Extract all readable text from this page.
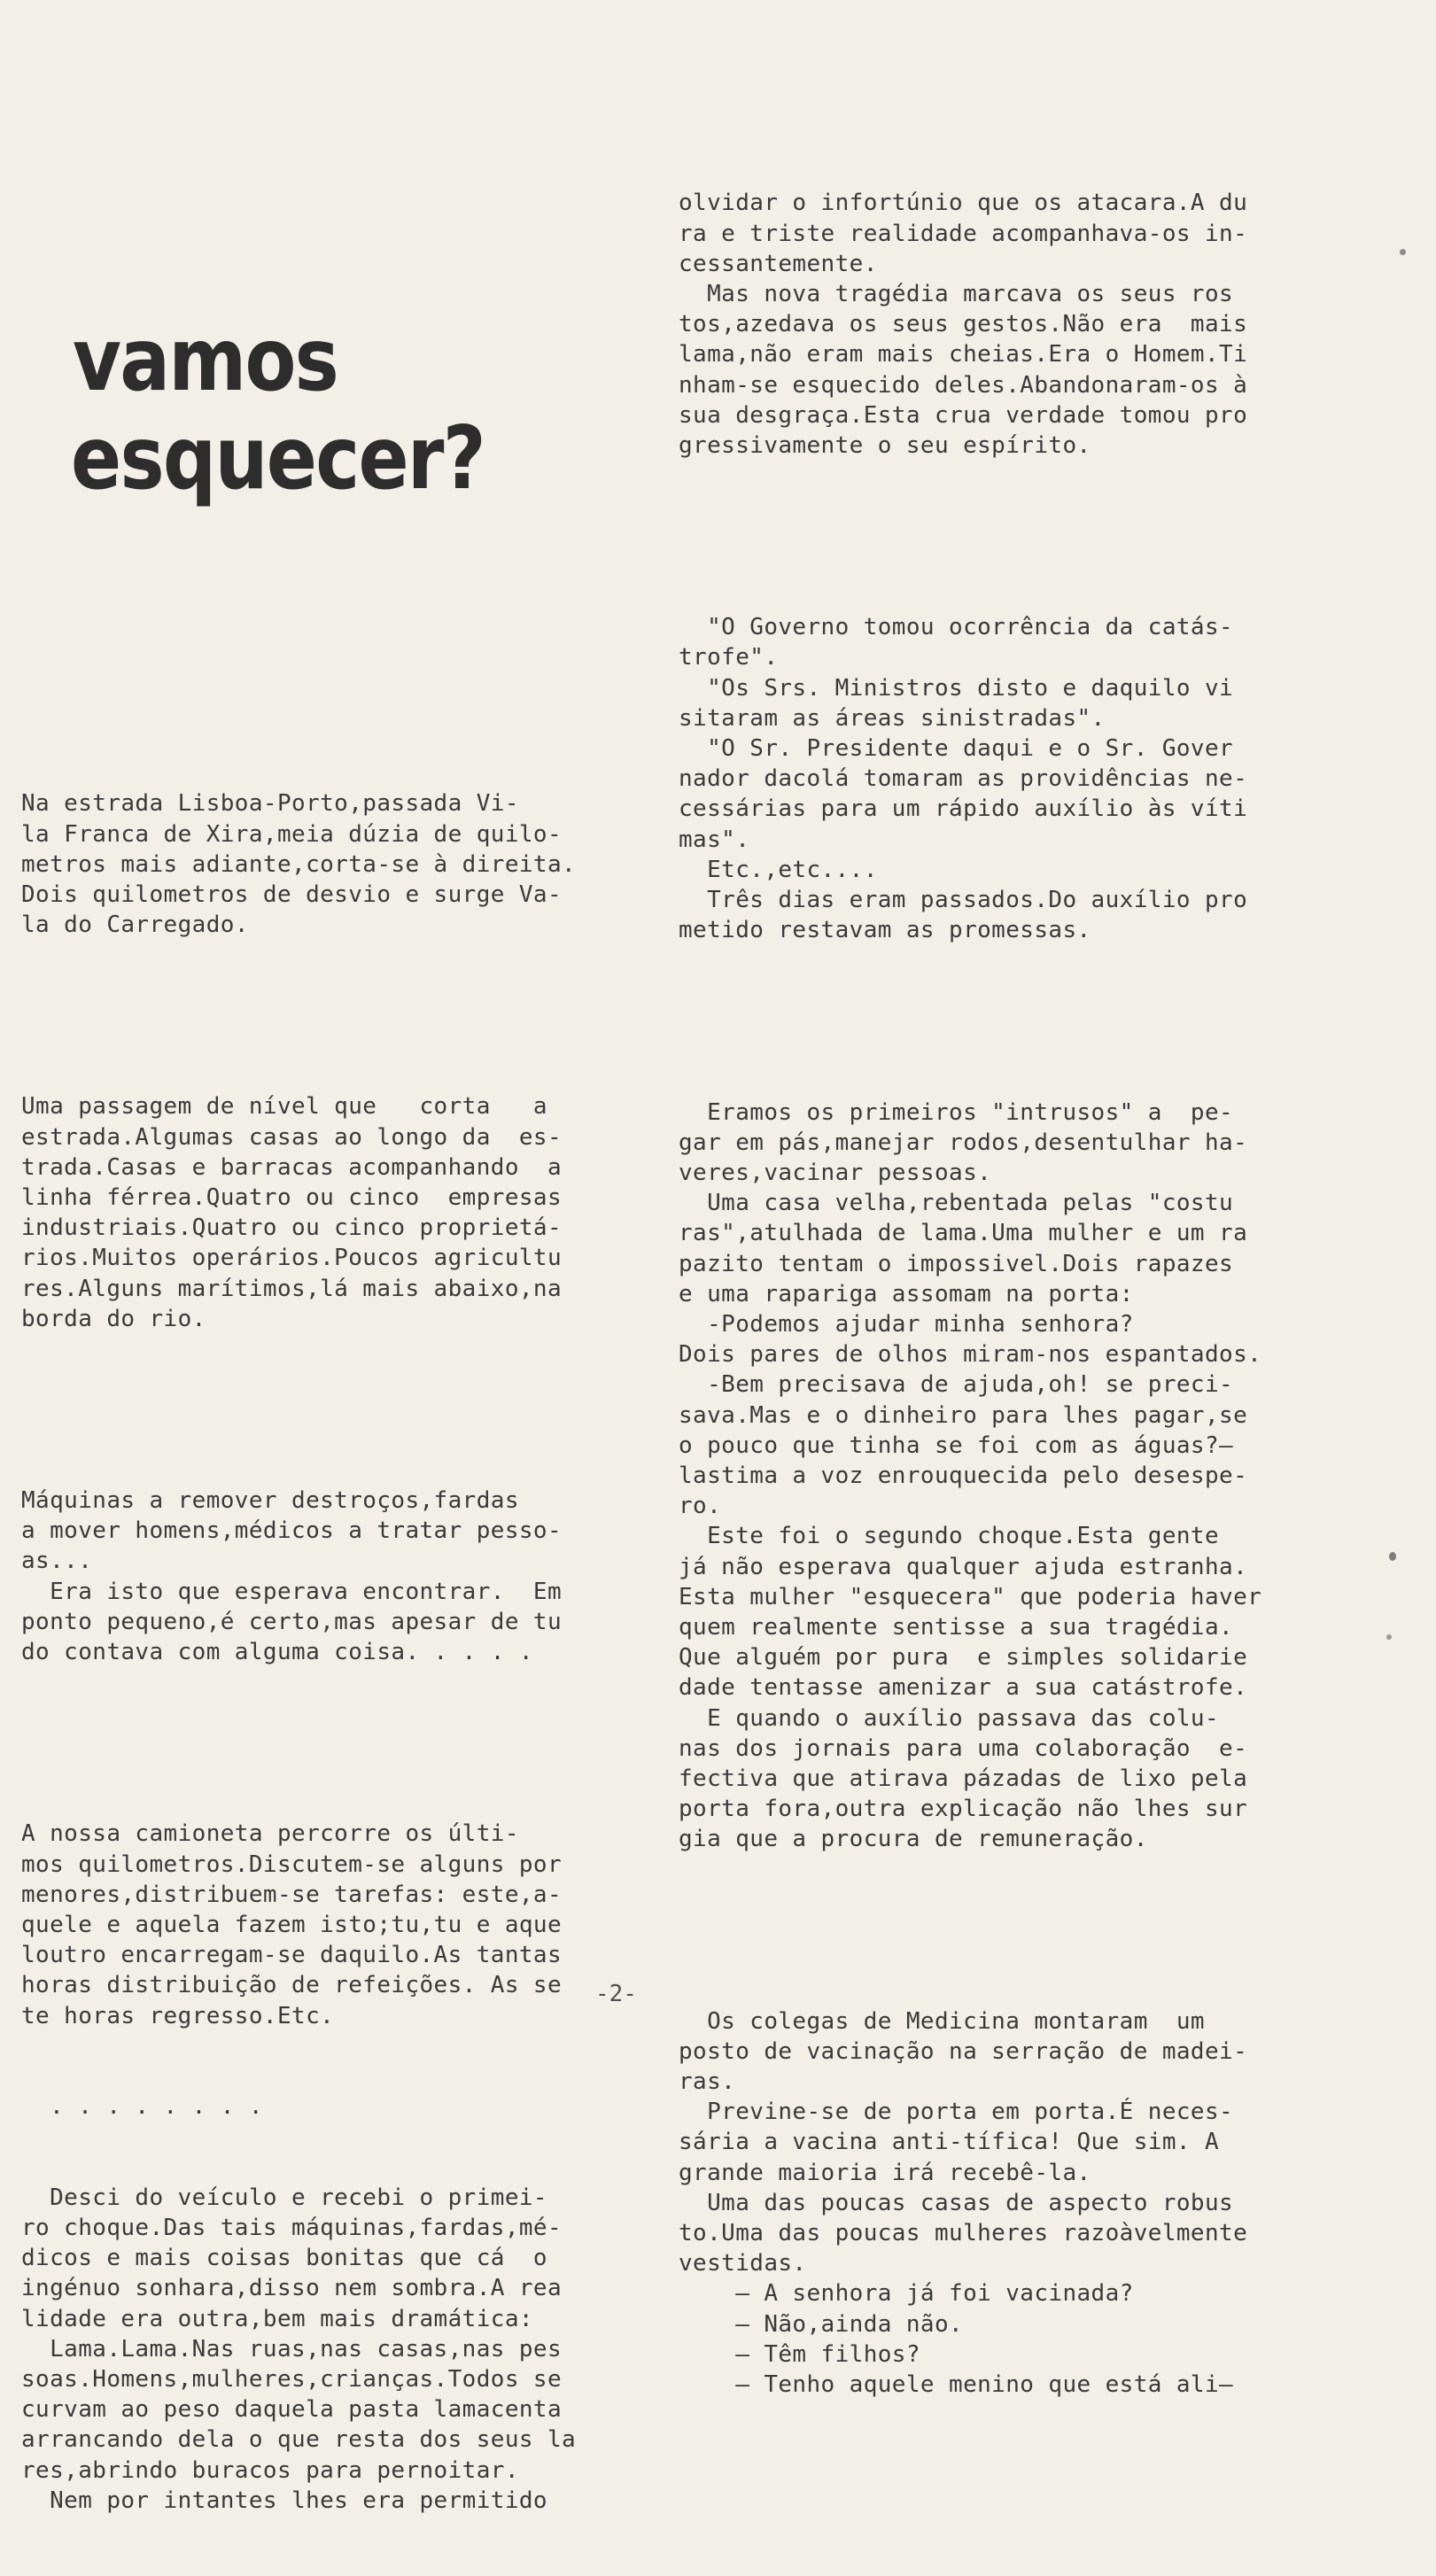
vamos
esquecer?

Na estrada Lisboa-Porto,passada Vi-
la Franca de Xira,meia dúzia de quilo-
metros mais adiante,corta-se à direita.
Dois quilometros de desvio e surge Va-
la do Carregado.

Uma passagem de nível que   corta   a
estrada.Algumas casas ao longo da  es-
trada.Casas e barracas acompanhando  a
linha férrea.Quatro ou cinco  empresas
industriais.Quatro ou cinco proprietá-
rios.Muitos operários.Poucos agricultu
res.Alguns marítimos,lá mais abaixo,na
borda do rio.

Máquinas a remover destroços,fardas
a mover homens,médicos a tratar pesso-
as...
Era isto que esperava encontrar.  Em
ponto pequeno,é certo,mas apesar de tu
do contava com alguma coisa. . . . .

A nossa camioneta percorre os últi-
mos quilometros.Discutem-se alguns por
menores,distribuem-se tarefas: este,a-
quele e aquela fazem isto;tu,tu e aque
loutro encarregam-se daquilo.As tantas
horas distribuição de refeições. As se
te horas regresso.Etc.

. . . . . . . .

Desci do veículo e recebi o primei-
ro choque.Das tais máquinas,fardas,mé-
dicos e mais coisas bonitas que cá  o
ingénuo sonhara,disso nem sombra.A rea
lidade era outra,bem mais dramática:
Lama.Lama.Nas ruas,nas casas,nas pes
soas.Homens,mulheres,crianças.Todos se
curvam ao peso daquela pasta lamacenta
arrancando dela o que resta dos seus la
res,abrindo buracos para pernoitar.
Nem por intantes lhes era permitido

olvidar o infortúnio que os atacara.A du
ra e triste realidade acompanhava-os in-
cessantemente.
Mas nova tragédia marcava os seus ros
tos,azedava os seus gestos.Não era  mais
lama,não eram mais cheias.Era o Homem.Ti
nham-se esquecido deles.Abandonaram-os à
sua desgraça.Esta crua verdade tomou pro
gressivamente o seu espírito.

"O Governo tomou ocorrência da catás-
trofe".
"Os Srs. Ministros disto e daquilo vi
sitaram as áreas sinistradas".
"O Sr. Presidente daqui e o Sr. Gover
nador dacolá tomaram as providências ne-
cessárias para um rápido auxílio às víti
mas".
Etc.,etc....
Três dias eram passados.Do auxílio pro
metido restavam as promessas.

Eramos os primeiros "intrusos" a  pe-
gar em pás,manejar rodos,desentulhar ha-
veres,vacinar pessoas.
Uma casa velha,rebentada pelas "costu
ras",atulhada de lama.Uma mulher e um ra
pazito tentam o impossivel.Dois rapazes
e uma rapariga assomam na porta:
-Podemos ajudar minha senhora?
Dois pares de olhos miram-nos espantados.
-Bem precisava de ajuda,oh! se preci-
sava.Mas e o dinheiro para lhes pagar,se
o pouco que tinha se foi com as águas?—
lastima a voz enrouquecida pelo desespe-
ro.
Este foi o segundo choque.Esta gente
já não esperava qualquer ajuda estranha.
Esta mulher "esquecera" que poderia haver
quem realmente sentisse a sua tragédia.
Que alguém por pura  e simples solidarie
dade tentasse amenizar a sua catástrofe.
E quando o auxílio passava das colu-
nas dos jornais para uma colaboração  e-
fectiva que atirava pázadas de lixo pela
porta fora,outra explicação não lhes sur
gia que a procura de remuneração.

Os colegas de Medicina montaram  um
posto de vacinação na serração de madei-
ras.
Previne-se de porta em porta.É neces-
sária a vacina anti-tífica! Que sim. A
grande maioria irá recebê-la.
Uma das poucas casas de aspecto robus
to.Uma das poucas mulheres razoàvelmente
vestidas.
— A senhora já foi vacinada?
— Não,ainda não.
— Têm filhos?
— Tenho aquele menino que está ali—

-2-
